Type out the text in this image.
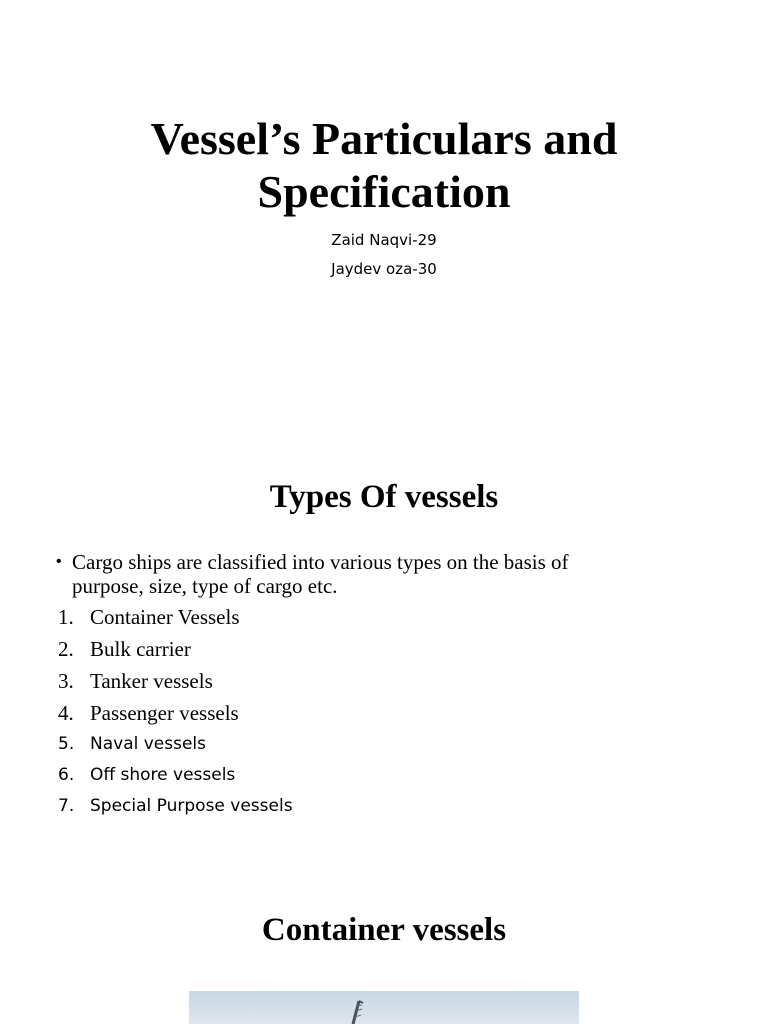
Vessel’s Particulars and
Specification

Zaid Naqvi-29

Jaydev oza-30

Types Of vessels

• Cargo ships are classified into various types on the basis of
purpose, size, type of cargo etc.

1. Container Vessels

2. Bulk carrier

3. Tanker vessels

4. Passenger vessels

5. Naval vessels

6. Off shore vessels

7. Special Purpose vessels

Container vessels
